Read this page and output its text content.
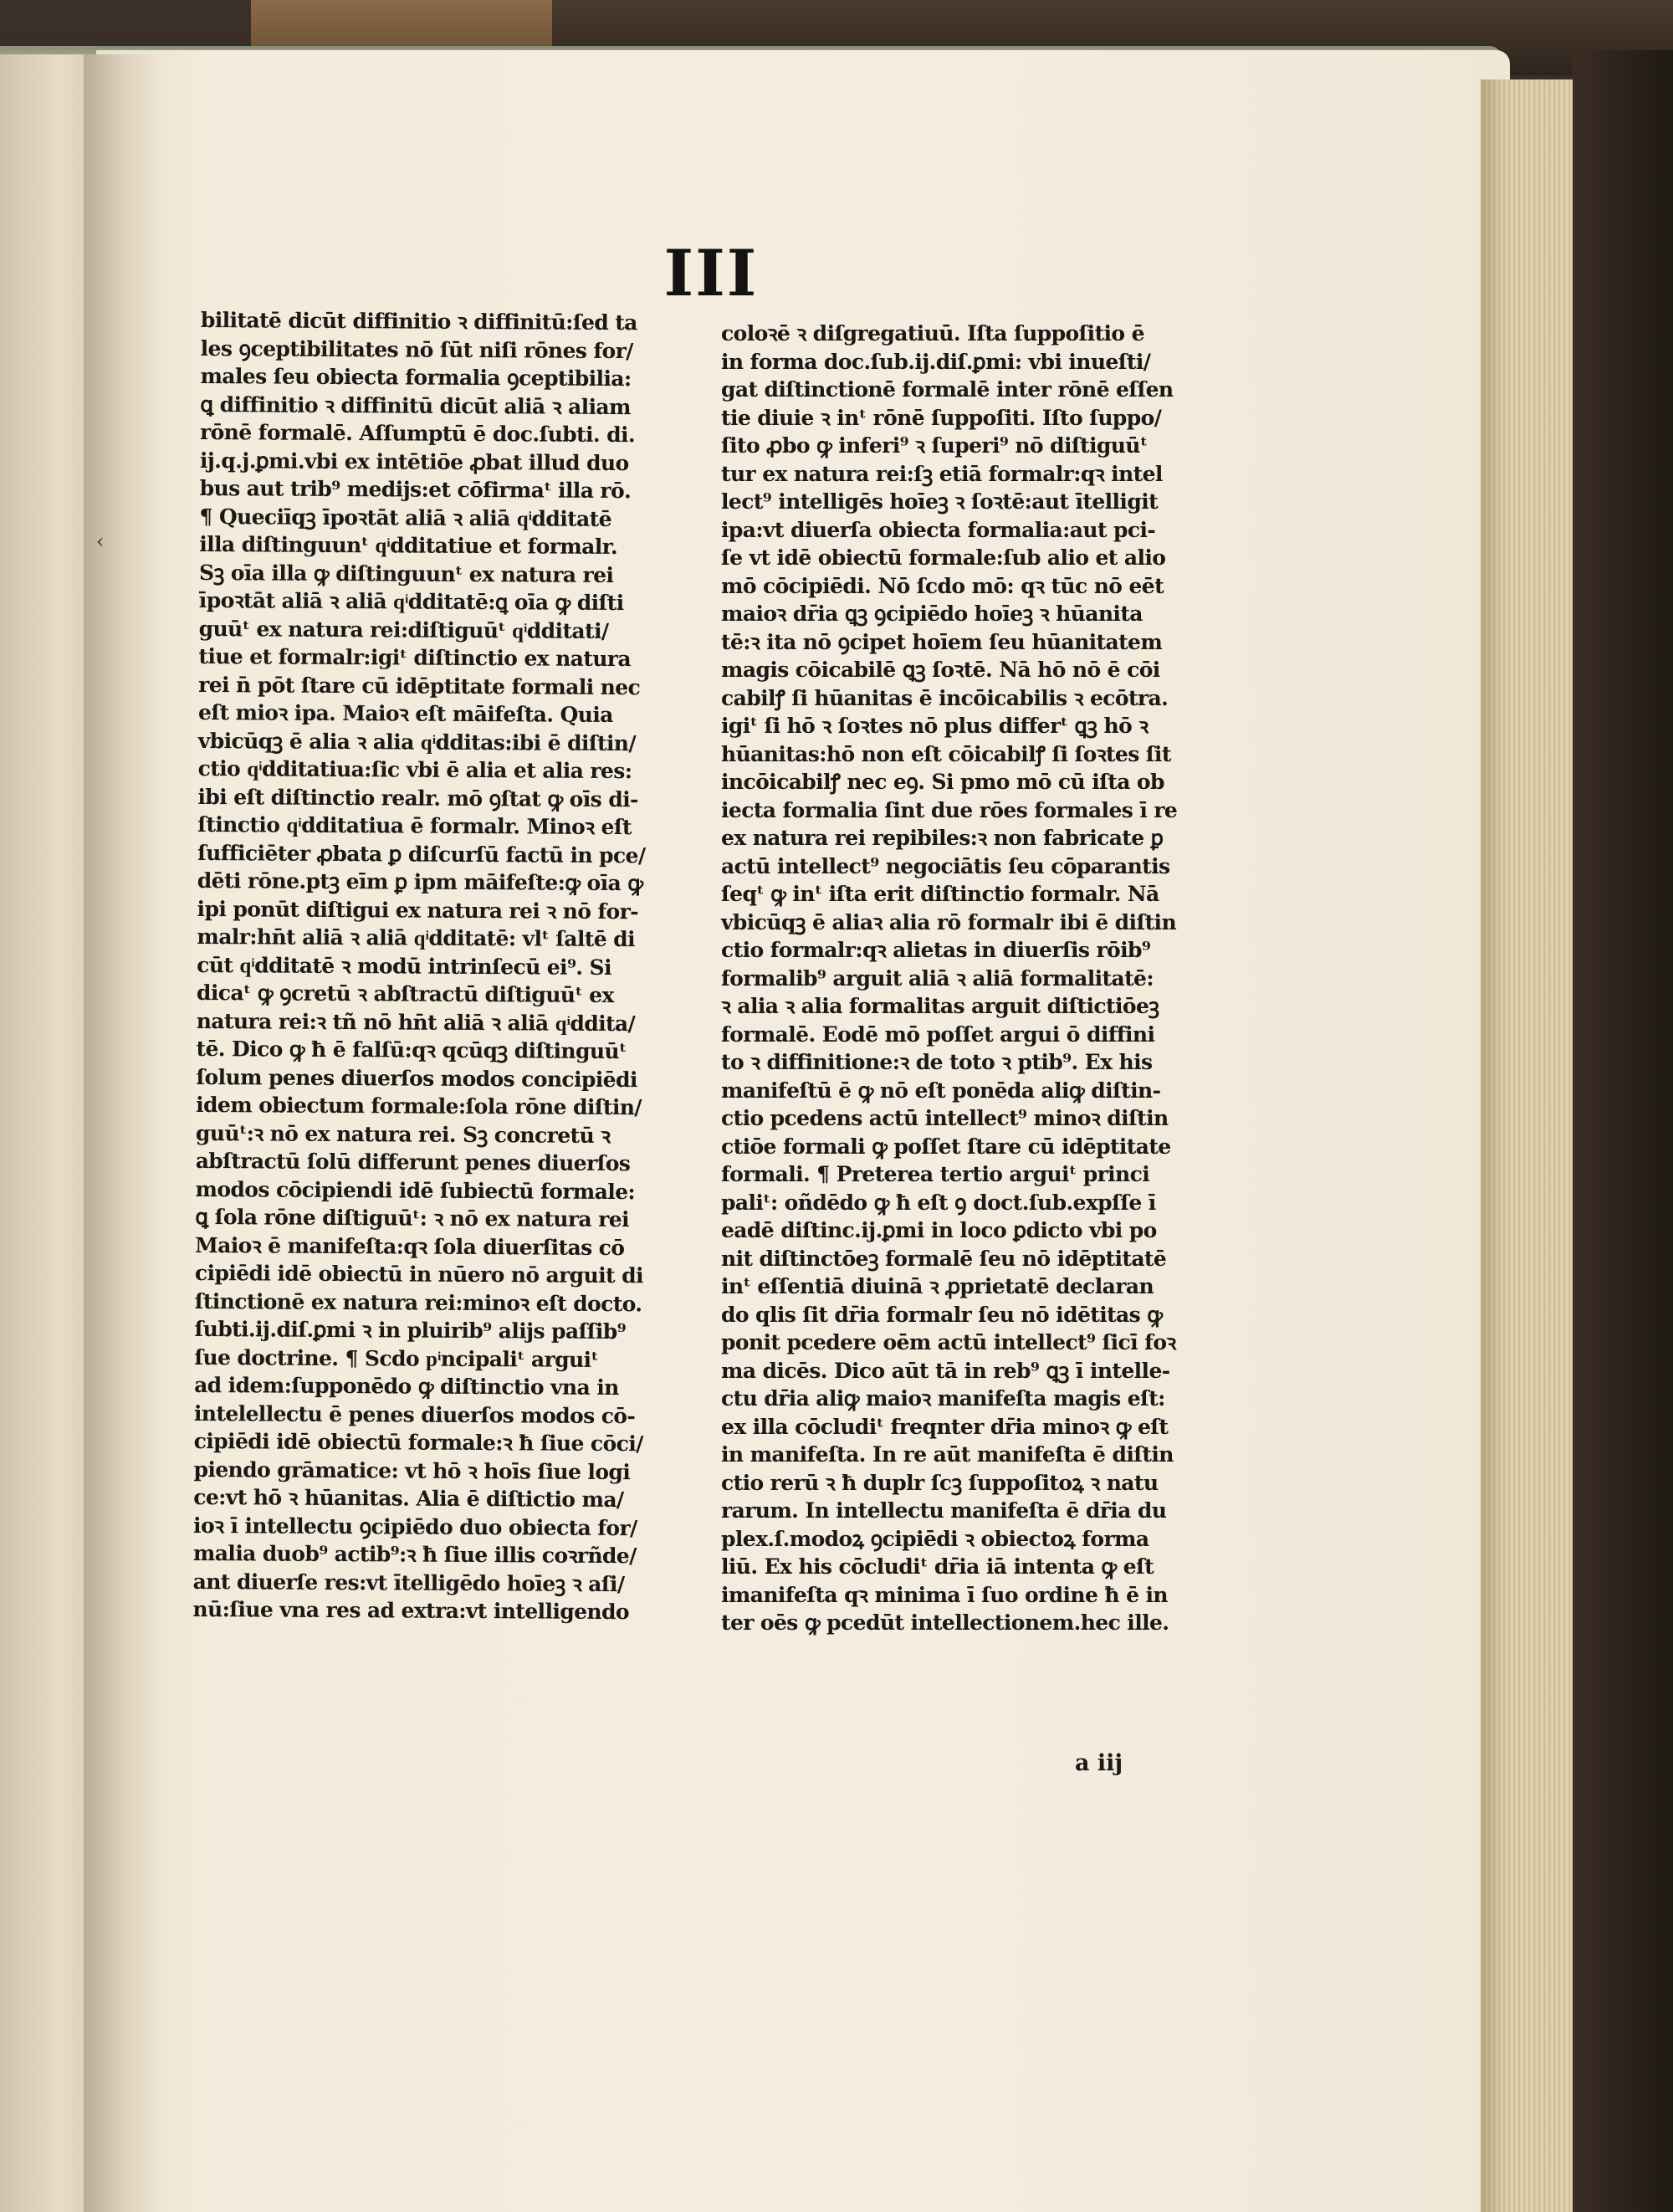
‹
III
bilitatē dicūt diffinitio ꝛ diffinitū:ſed ta
les ꝯceptibilitates nō ſūt niſi rōnes for/
males ſeu obiecta formalia ꝯceptibilia:
ꝗ diffinitio ꝛ diffinitū dicūt aliā ꝛ aliam
rōnē formalē. Aſſumptū ē doc.ſubti. di.
ij.q.j.ꝑmi.vbi ex intētiōe ꝓbat illud duo
bus aut trib⁹ medijs:et cōfirmaᵗ illa rō.
¶ Queciīqꝫ īpoꝛtāt aliā ꝛ aliā qͥdditatē
illa diſtinguunᵗ qͥdditatiue et formalr.
Sꝫ oīa illa ꝙ diſtinguunᵗ ex natura rei
īpoꝛtāt aliā ꝛ aliā qͥdditatē:ꝗ oīa ꝙ diſti
guūᵗ ex natura rei:diſtiguūᵗ qͥdditati/
tiue et formalr:igiᵗ diſtinctio ex natura
rei n̄ pōt ſtare cū idēptitate formali nec
eſt mioꝛ ipa. Maioꝛ eſt māifeſta. Quia
vbicūqꝫ ē alia ꝛ alia qͥdditas:ibi ē diſtin/
ctio qͥdditatiua:ſic vbi ē alia et alia res:
ibi eſt diſtinctio realr. mō ꝯſtat ꝙ oīs di-
ſtinctio qͥdditatiua ē formalr. Minoꝛ eſt
ſufficiēter ꝓbata ꝑ diſcurſū factū in pce/
dēti rōne.ptꝫ eīm ꝑ ipm māifeſte:ꝙ oīa ꝙ
ipi ponūt diſtigui ex natura rei ꝛ nō for-
malr:hn̄t aliā ꝛ aliā qͥdditatē: vlᵗ ſaltē di
cūt qͥdditatē ꝛ modū intrinſecū ei⁹. Si
dicaᵗ ꝙ ꝯcretū ꝛ abſtractū diſtiguūᵗ ex
natura rei:ꝛ tñ nō hn̄t aliā ꝛ aliā qͥddita/
tē. Dico ꝙ ħ ē falſū:qꝛ qcūqꝫ diſtinguūᵗ
ſolum penes diuerſos modos concipiēdi
idem obiectum formale:ſola rōne diſtin/
guūᵗ:ꝛ nō ex natura rei. Sꝫ concretū ꝛ
abſtractū ſolū differunt penes diuerſos
modos cōcipiendi idē ſubiectū formale:
ꝗ ſola rōne diſtiguūᵗ: ꝛ nō ex natura rei
Maioꝛ ē manifeſta:qꝛ ſola diuerſitas cō
cipiēdi idē obiectū in nūero nō arguit di
ſtinctionē ex natura rei:minoꝛ eſt docto.
ſubti.ij.diſ.ꝑmi ꝛ in pluirib⁹ alijs paſſib⁹
ſue doctrine. ¶ Scdo pͥncipaliᵗ arguiᵗ
ad idem:ſupponēdo ꝙ diſtinctio vna in
intelellectu ē penes diuerſos modos cō-
cipiēdi idē obiectū formale:ꝛ ħ ſiue cōci/
piendo grāmatice: vt hō ꝛ hoīs ſiue logi
ce:vt hō ꝛ hūanitas. Alia ē diſtictio ma/
ioꝛ ī intellectu ꝯcipiēdo duo obiecta for/
malia duob⁹ actib⁹:ꝛ ħ ſiue illis coꝛrñde/
ant diuerſe res:vt ītelligēdo hoīeꝫ ꝛ aſi/
nū:ſiue vna res ad extra:vt intelligendo
coloꝛē ꝛ diſgregatiuū. Iſta ſuppoſitio ē
in forma doc.ſub.ij.diſ.ꝑmi: vbi inueſti/
gat diſtinctionē formalē inter rōnē eſſen
tie diuie ꝛ inᵗ rōnē ſuppoſiti. Iſto ſuppo/
ſito ꝓbo ꝙ inferi⁹ ꝛ ſuperi⁹ nō diſtiguūᵗ
tur ex natura rei:ſꝫ etiā formalr:qꝛ intel
lect⁹ intelligēs hoīeꝫ ꝛ ſoꝛtē:aut ītelligit
ipa:vt diuerſa obiecta formalia:aut pci-
ſe vt idē obiectū formale:ſub alio et alio
mō cōcipiēdi. Nō ſcdo mō: qꝛ tūc nō eēt
maioꝛ dr̄ia ꝗꝫ ꝯcipiēdo hoīeꝫ ꝛ hūanita
tē:ꝛ ita nō ꝯcipet hoīem ſeu hūanitatem
magis cōicabilē ꝗꝫ ſoꝛtē. Nā hō nō ē cōi
cabilꝭ ſi hūanitas ē incōicabilis ꝛ ecōtra.
igiᵗ ſi hō ꝛ ſoꝛtes nō plus differᵗ ꝗꝫ hō ꝛ
hūanitas:hō non eſt cōicabilꝭ ſi ſoꝛtes ſit
incōicabilꝭ nec eꝯ. Si pmo mō cū iſta ob
iecta formalia ſint due rōes formales ī re
ex natura rei repibiles:ꝛ non fabricate ꝑ
actū intellect⁹ negociātis ſeu cōparantis
ſeqᵗ ꝙ inᵗ iſta erit diſtinctio formalr. Nā
vbicūqꝫ ē aliaꝛ alia rō formalr ibi ē diſtin
ctio formalr:qꝛ alietas in diuerſis rōib⁹
formalib⁹ arguit aliā ꝛ aliā formalitatē:
ꝛ alia ꝛ alia formalitas arguit diſtictiōeꝫ
formalē. Eodē mō poſſet argui ō diffini
to ꝛ diffinitione:ꝛ de toto ꝛ ptib⁹. Ex his
manifeſtū ē ꝙ nō eſt ponēda aliꝙ diſtin-
ctio pcedens actū intellect⁹ minoꝛ diſtin
ctiōe formali ꝙ poſſet ſtare cū idēptitate
formali. ¶ Preterea tertio arguiᵗ princi
paliᵗ: oñdēdo ꝙ ħ eſt ꝯ doct.ſub.expſſe ī
eadē diſtinc.ij.ꝑmi in loco ꝑdicto vbi po
nit diſtinctōeꝫ formalē ſeu nō idēptitatē
inᵗ eſſentiā diuinā ꝛ ꝓprietatē declaran
do qlis ſit dr̄ia formalr ſeu nō idētitas ꝙ
ponit pcedere oēm actū intellect⁹ ſicī foꝛ
ma dicēs. Dico aūt tā in reb⁹ ꝗꝫ ī intelle-
ctu dr̄ia aliꝙ maioꝛ manifeſta magis eſt:
ex illa cōcludiᵗ freqnter dr̄ia minoꝛ ꝙ eſt
in manifeſta. In re aūt manifeſta ē diſtin
ctio rerū ꝛ ħ duplr ſcꝫ ſuppoſitoꝝ ꝛ natu
rarum. In intellectu manifeſta ē dr̄ia du
plex.ſ.modoꝝ ꝯcipiēdi ꝛ obiectoꝝ forma
liū. Ex his cōcludiᵗ dr̄ia iā intenta ꝙ eſt
imanifeſta qꝛ minima ī ſuo ordine ħ ē in
ter oēs ꝙ pcedūt intellectionem.hec ille.
a iij
